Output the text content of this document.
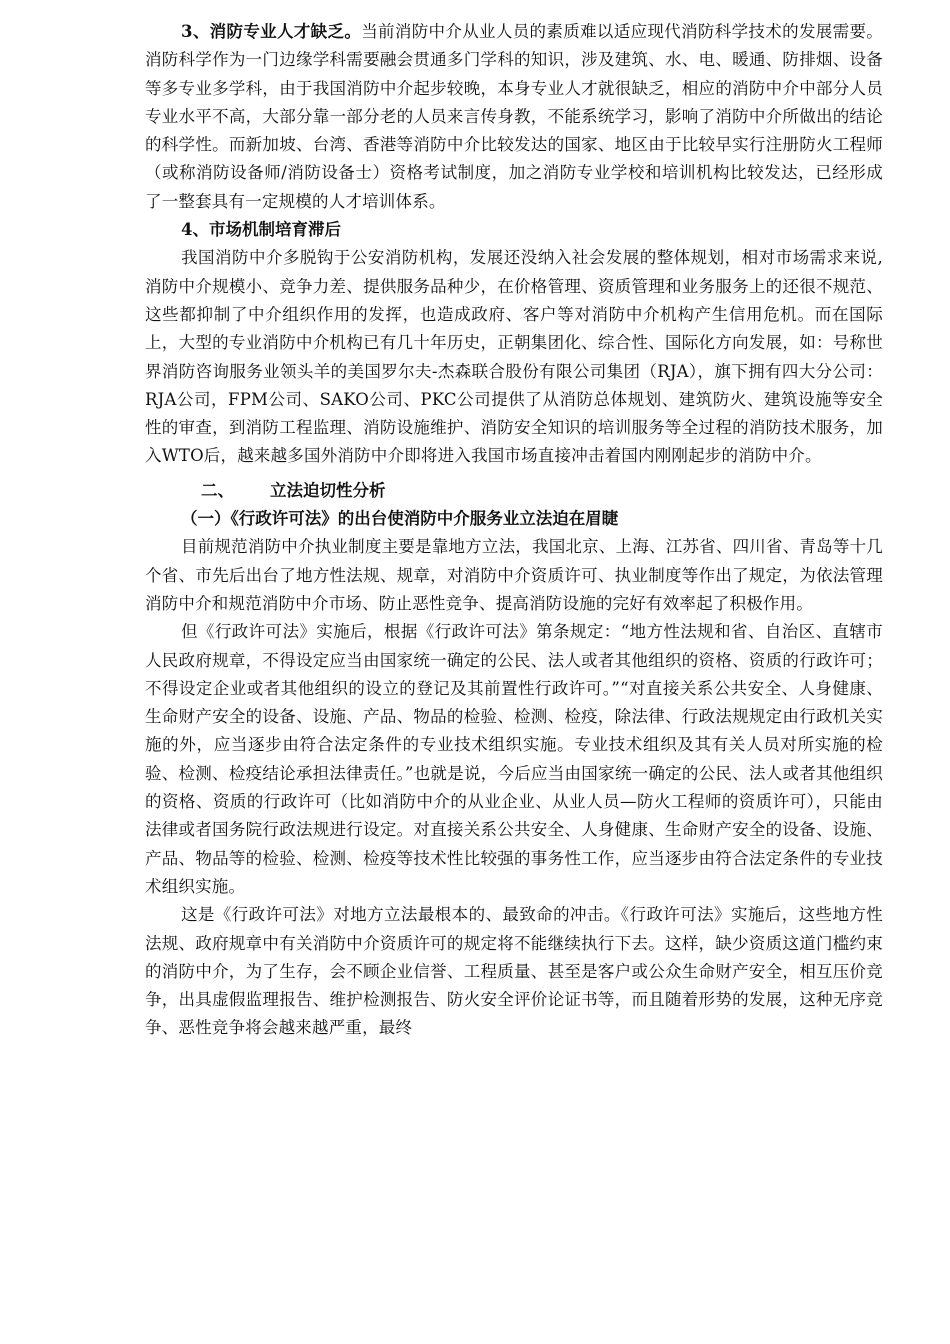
3、消防专业人才缺乏。当前消防中介从业人员的素质难以适应现代消防科学技术的发展需要。消防科学作为一门边缘学科需要融会贯通多门学科的知识，涉及建筑、水、电、暖通、防排烟、设备等多专业多学科，由于我国消防中介起步较晚，本身专业人才就很缺乏，相应的消防中介中部分人员专业水平不高，大部分靠一部分老的人员来言传身教，不能系统学习，影响了消防中介所做出的结论的科学性。而新加坡、台湾、香港等消防中介比较发达的国家、地区由于比较早实行注册防火工程师（或称消防设备师/消防设备士）资格考试制度，加之消防专业学校和培训机构比较发达，已经形成了一整套具有一定规模的人才培训体系。

4、市场机制培育滞后

我国消防中介多脱钩于公安消防机构，发展还没纳入社会发展的整体规划，相对市场需求来说,消防中介规模小、竞争力差、提供服务品种少，在价格管理、资质管理和业务服务上的还很不规范、这些都抑制了中介组织作用的发挥，也造成政府、客户等对消防中介机构产生信用危机。而在国际上，大型的专业消防中介机构已有几十年历史，正朝集团化、综合性、国际化方向发展，如：号称世界消防咨询服务业领头羊的美国罗尔夫-杰森联合股份有限公司集团（RJA），旗下拥有四大分公司：RJA公司，FPM公司、SAKO公司、PKC公司提供了从消防总体规划、建筑防火、建筑设施等安全性的审查，到消防工程监理、消防设施维护、消防安全知识的培训服务等全过程的消防技术服务，加入WTO后，越来越多国外消防中介即将进入我国市场直接冲击着国内刚刚起步的消防中介。

二、 立法迫切性分析

（一）《行政许可法》的出台使消防中介服务业立法迫在眉睫

目前规范消防中介执业制度主要是靠地方立法，我国北京、上海、江苏省、四川省、青岛等十几个省、市先后出台了地方性法规、规章，对消防中介资质许可、执业制度等作出了规定，为依法管理消防中介和规范消防中介市场、防止恶性竞争、提高消防设施的完好有效率起了积极作用。

但《行政许可法》实施后，根据《行政许可法》第条规定：“地方性法规和省、自治区、直辖市人民政府规章，不得设定应当由国家统一确定的公民、法人或者其他组织的资格、资质的行政许可；不得设定企业或者其他组织的设立的登记及其前置性行政许可。”“对直接关系公共安全、人身健康、生命财产安全的设备、设施、产品、物品的检验、检测、检疫，除法律、行政法规规定由行政机关实施的外，应当逐步由符合法定条件的专业技术组织实施。专业技术组织及其有关人员对所实施的检验、检测、检疫结论承担法律责任。”也就是说，今后应当由国家统一确定的公民、法人或者其他组织的资格、资质的行政许可（比如消防中介的从业企业、从业人员—防火工程师的资质许可），只能由法律或者国务院行政法规进行设定。对直接关系公共安全、人身健康、生命财产安全的设备、设施、产品、物品等的检验、检测、检疫等技术性比较强的事务性工作，应当逐步由符合法定条件的专业技术组织实施。

这是《行政许可法》对地方立法最根本的、最致命的冲击。《行政许可法》实施后，这些地方性法规、政府规章中有关消防中介资质许可的规定将不能继续执行下去。这样，缺少资质这道门槛约束的消防中介，为了生存，会不顾企业信誉、工程质量、甚至是客户或公众生命财产安全，相互压价竞争，出具虚假监理报告、维护检测报告、防火安全评价论证书等，而且随着形势的发展，这种无序竞争、恶性竞争将会越来越严重，最终
